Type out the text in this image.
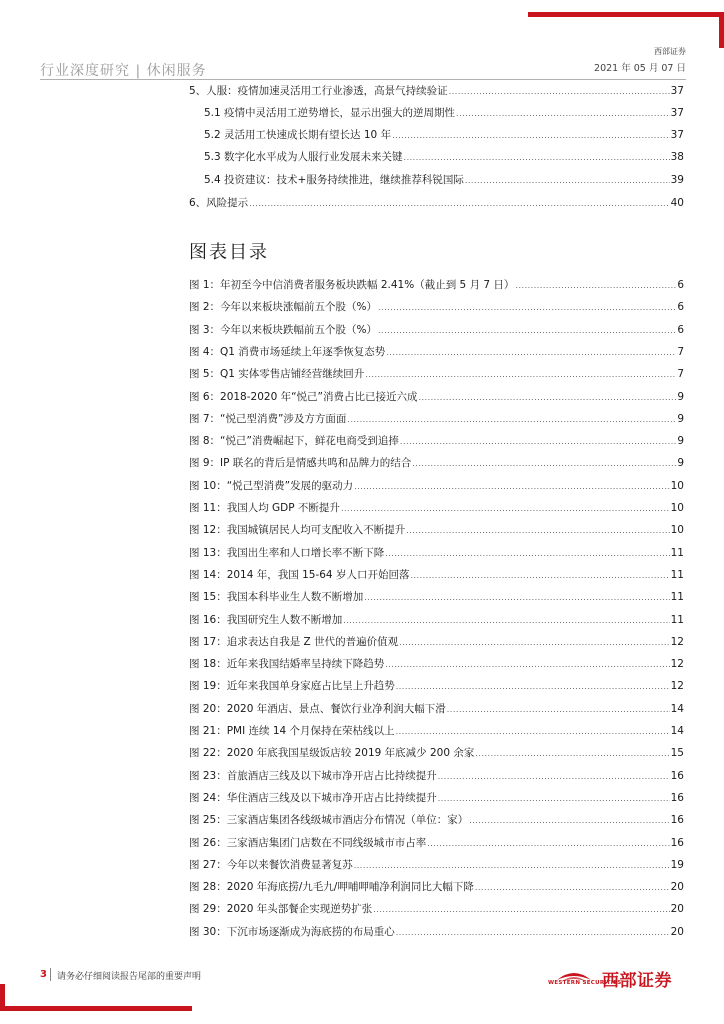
行业深度研究 | 休闲服务
西部证券
2021 年 05 月 07 日
5、人服：疫情加速灵活用工行业渗透，高景气持续验证 .....	37
5.1 疫情中灵活用工逆势增长，显示出强大的逆周期性 .....	37
5.2 灵活用工快速成长期有望长达 10 年 .....	37
5.3 数字化水平成为人服行业发展未来关键 .....	38
5.4 投资建议：技术+服务持续推进，继续推荐科锐国际 .....	39
6、风险提示 .....	40
图表目录
图 1：年初至今中信消费者服务板块跌幅 2.41%（截止到 5 月 7 日） .....	6
图 2：今年以来板块涨幅前五个股（%） .....	6
图 3：今年以来板块跌幅前五个股（%） .....	6
图 4：Q1 消费市场延续上年逐季恢复态势 .....	7
图 5：Q1 实体零售店铺经营继续回升 .....	7
图 6：2018-2020 年“悦己”消费占比已接近六成 .....	9
图 7：“悦己型消费”涉及方方面面 .....	9
图 8：“悦己”消费崛起下，鲜花电商受到追捧 .....	9
图 9：IP 联名的背后是情感共鸣和品牌力的结合 .....	9
图 10：“悦己型消费”发展的驱动力 .....	10
图 11：我国人均 GDP 不断提升 .....	10
图 12：我国城镇居民人均可支配收入不断提升 .....	10
图 13：我国出生率和人口增长率不断下降 .....	11
图 14：2014 年，我国 15-64 岁人口开始回落 .....	11
图 15：我国本科毕业生人数不断增加 .....	11
图 16：我国研究生人数不断增加 .....	11
图 17：追求表达自我是 Z 世代的普遍价值观 .....	12
图 18：近年来我国结婚率呈持续下降趋势 .....	12
图 19：近年来我国单身家庭占比呈上升趋势 .....	12
图 20：2020 年酒店、景点、餐饮行业净利润大幅下滑 .....	14
图 21：PMI 连续 14 个月保持在荣枯线以上 .....	14
图 22：2020 年底我国星级饭店较 2019 年底减少 200 余家 .....	15
图 23：首旅酒店三线及以下城市净开店占比持续提升 .....	16
图 24：华住酒店三线及以下城市净开店占比持续提升 .....	16
图 25：三家酒店集团各线级城市酒店分布情况（单位：家） .....	16
图 26：三家酒店集团门店数在不同线级城市市占率 .....	16
图 27：今年以来餐饮消费显著复苏 .....	19
图 28：2020 年海底捞/九毛九/呷哺呷哺净利润同比大幅下降 .....	20
图 29：2020 年头部餐企实现逆势扩张 .....	20
图 30：下沉市场逐渐成为海底捞的布局重心 .....	20
3 请务必仔细阅读报告尾部的重要声明
WESTERN SECURITIES
西部证券
